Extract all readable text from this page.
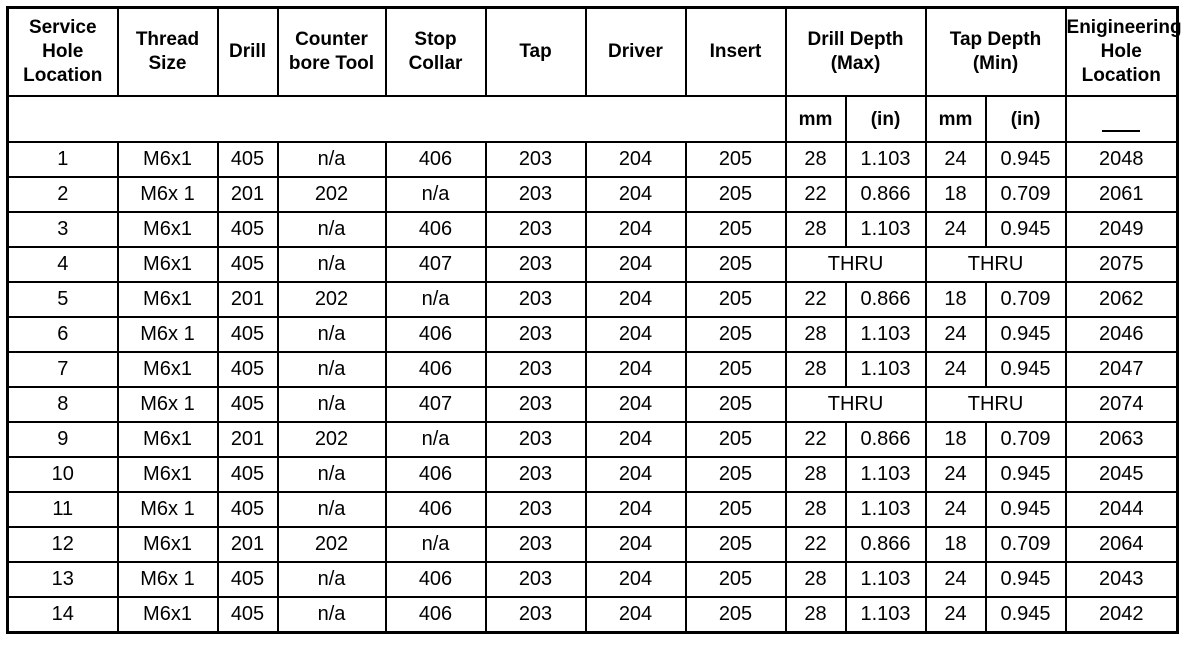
Service Hole Location	Thread Size	Drill	Counter bore Tool	Stop Collar	Tap	Driver	Insert	Drill Depth (Max)		Tap Depth (Min)		Enigineering Hole Location
								mm	(in)	mm	(in)	
1	M6x1	405	n/a	406	203	204	205	28	1.103	24	0.945	2048
2	M6x 1	201	202	n/a	203	204	205	22	0.866	18	0.709	2061
3	M6x1	405	n/a	406	203	204	205	28	1.103	24	0.945	2049
4	M6x1	405	n/a	407	203	204	205	THRU		THRU		2075
5	M6x1	201	202	n/a	203	204	205	22	0.866	18	0.709	2062
6	M6x 1	405	n/a	406	203	204	205	28	1.103	24	0.945	2046
7	M6x1	405	n/a	406	203	204	205	28	1.103	24	0.945	2047
8	M6x 1	405	n/a	407	203	204	205	THRU		THRU		2074
9	M6x1	201	202	n/a	203	204	205	22	0.866	18	0.709	2063
10	M6x1	405	n/a	406	203	204	205	28	1.103	24	0.945	2045
11	M6x 1	405	n/a	406	203	204	205	28	1.103	24	0.945	2044
12	M6x1	201	202	n/a	203	204	205	22	0.866	18	0.709	2064
13	M6x 1	405	n/a	406	203	204	205	28	1.103	24	0.945	2043
14	M6x1	405	n/a	406	203	204	205	28	1.103	24	0.945	2042
